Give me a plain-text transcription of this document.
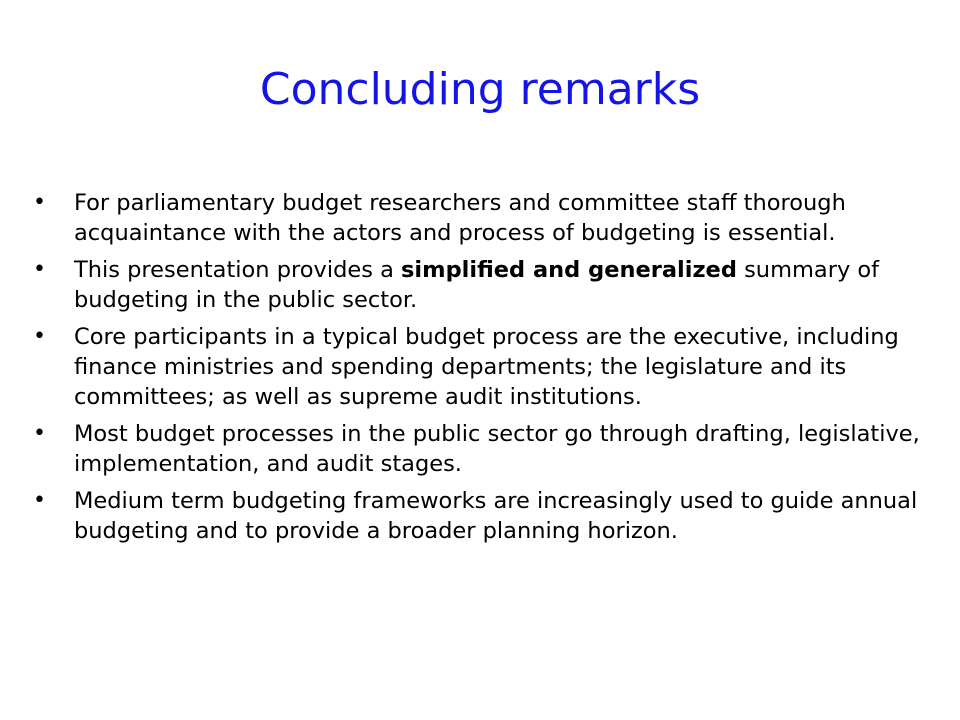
Concluding remarks
• For parliamentary budget researchers and committee staff thorough acquaintance with the actors and process of budgeting is essential.
• This presentation provides a simplified and generalized summary of budgeting in the public sector.
• Core participants in a typical budget process are the executive, including finance ministries and spending departments; the legislature and its committees; as well as supreme audit institutions.
• Most budget processes in the public sector go through drafting, legislative, implementation, and audit stages.
• Medium term budgeting frameworks are increasingly used to guide annual budgeting and to provide a broader planning horizon.
